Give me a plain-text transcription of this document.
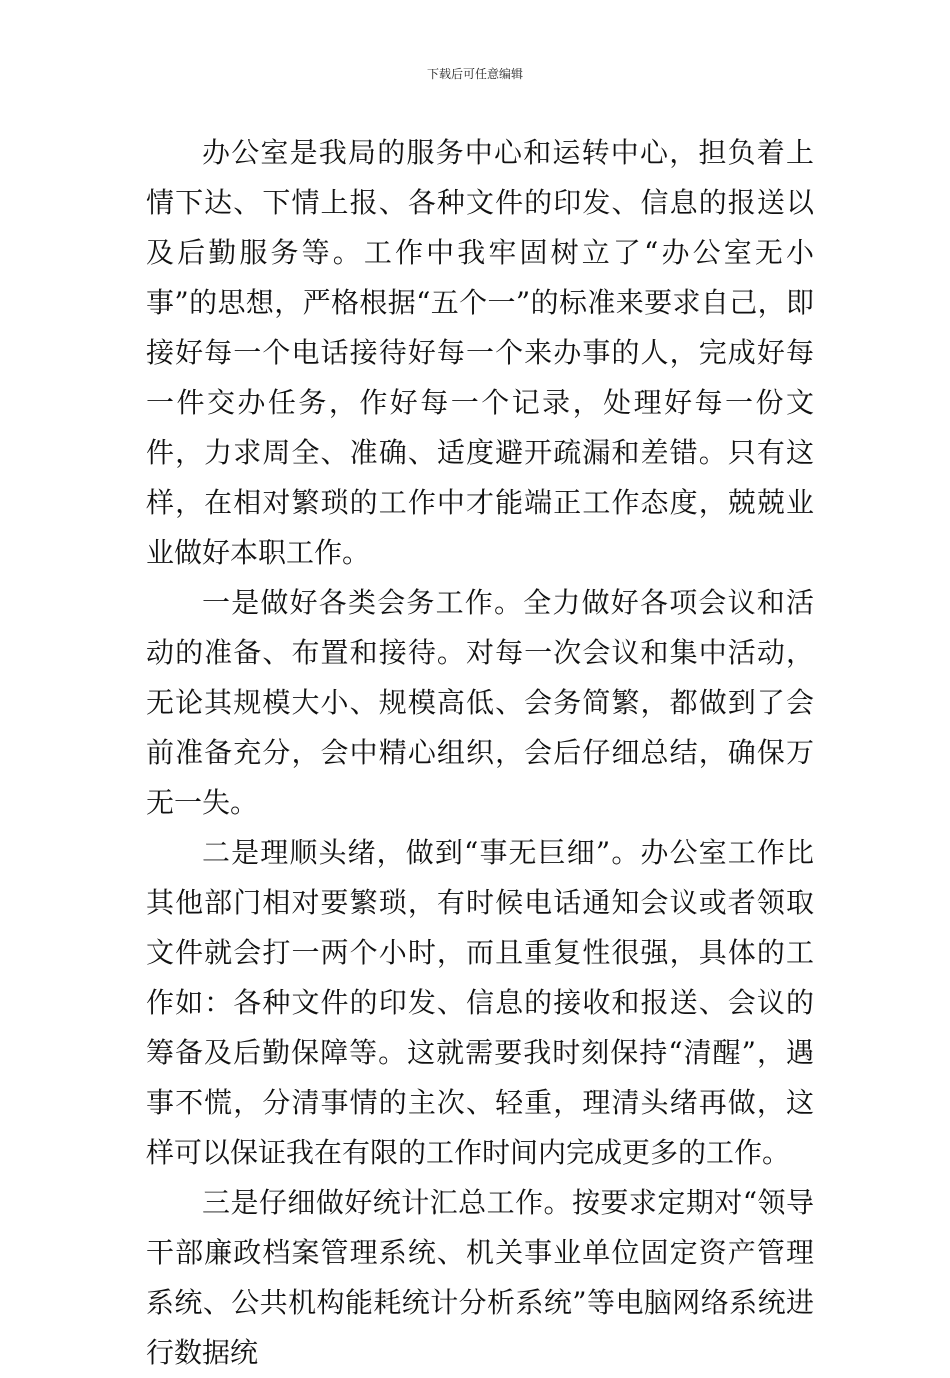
下载后可任意编辑

办公室是我局的服务中心和运转中心，担负着上情下达、下情上报、各种文件的印发、信息的报送以及后勤服务等。工作中我牢固树立了“办公室无小事”的思想，严格根据“五个一”的标准来要求自己，即接好每一个电话接待好每一个来办事的人，完成好每一件交办任务，作好每一个记录，处理好每一份文件，力求周全、准确、适度避开疏漏和差错。只有这样，在相对繁琐的工作中才能端正工作态度，兢兢业业做好本职工作。

一是做好各类会务工作。全力做好各项会议和活动的准备、布置和接待。对每一次会议和集中活动，无论其规模大小、规模高低、会务简繁，都做到了会前准备充分，会中精心组织，会后仔细总结，确保万无一失。

二是理顺头绪，做到“事无巨细”。办公室工作比其他部门相对要繁琐，有时候电话通知会议或者领取文件就会打一两个小时，而且重复性很强，具体的工作如：各种文件的印发、信息的接收和报送、会议的筹备及后勤保障等。这就需要我时刻保持“清醒”，遇事不慌，分清事情的主次、轻重，理清头绪再做，这样可以保证我在有限的工作时间内完成更多的工作。

三是仔细做好统计汇总工作。按要求定期对“领导干部廉政档案管理系统、机关事业单位固定资产管理系统、公共机构能耗统计分析系统”等电脑网络系统进行数据统
